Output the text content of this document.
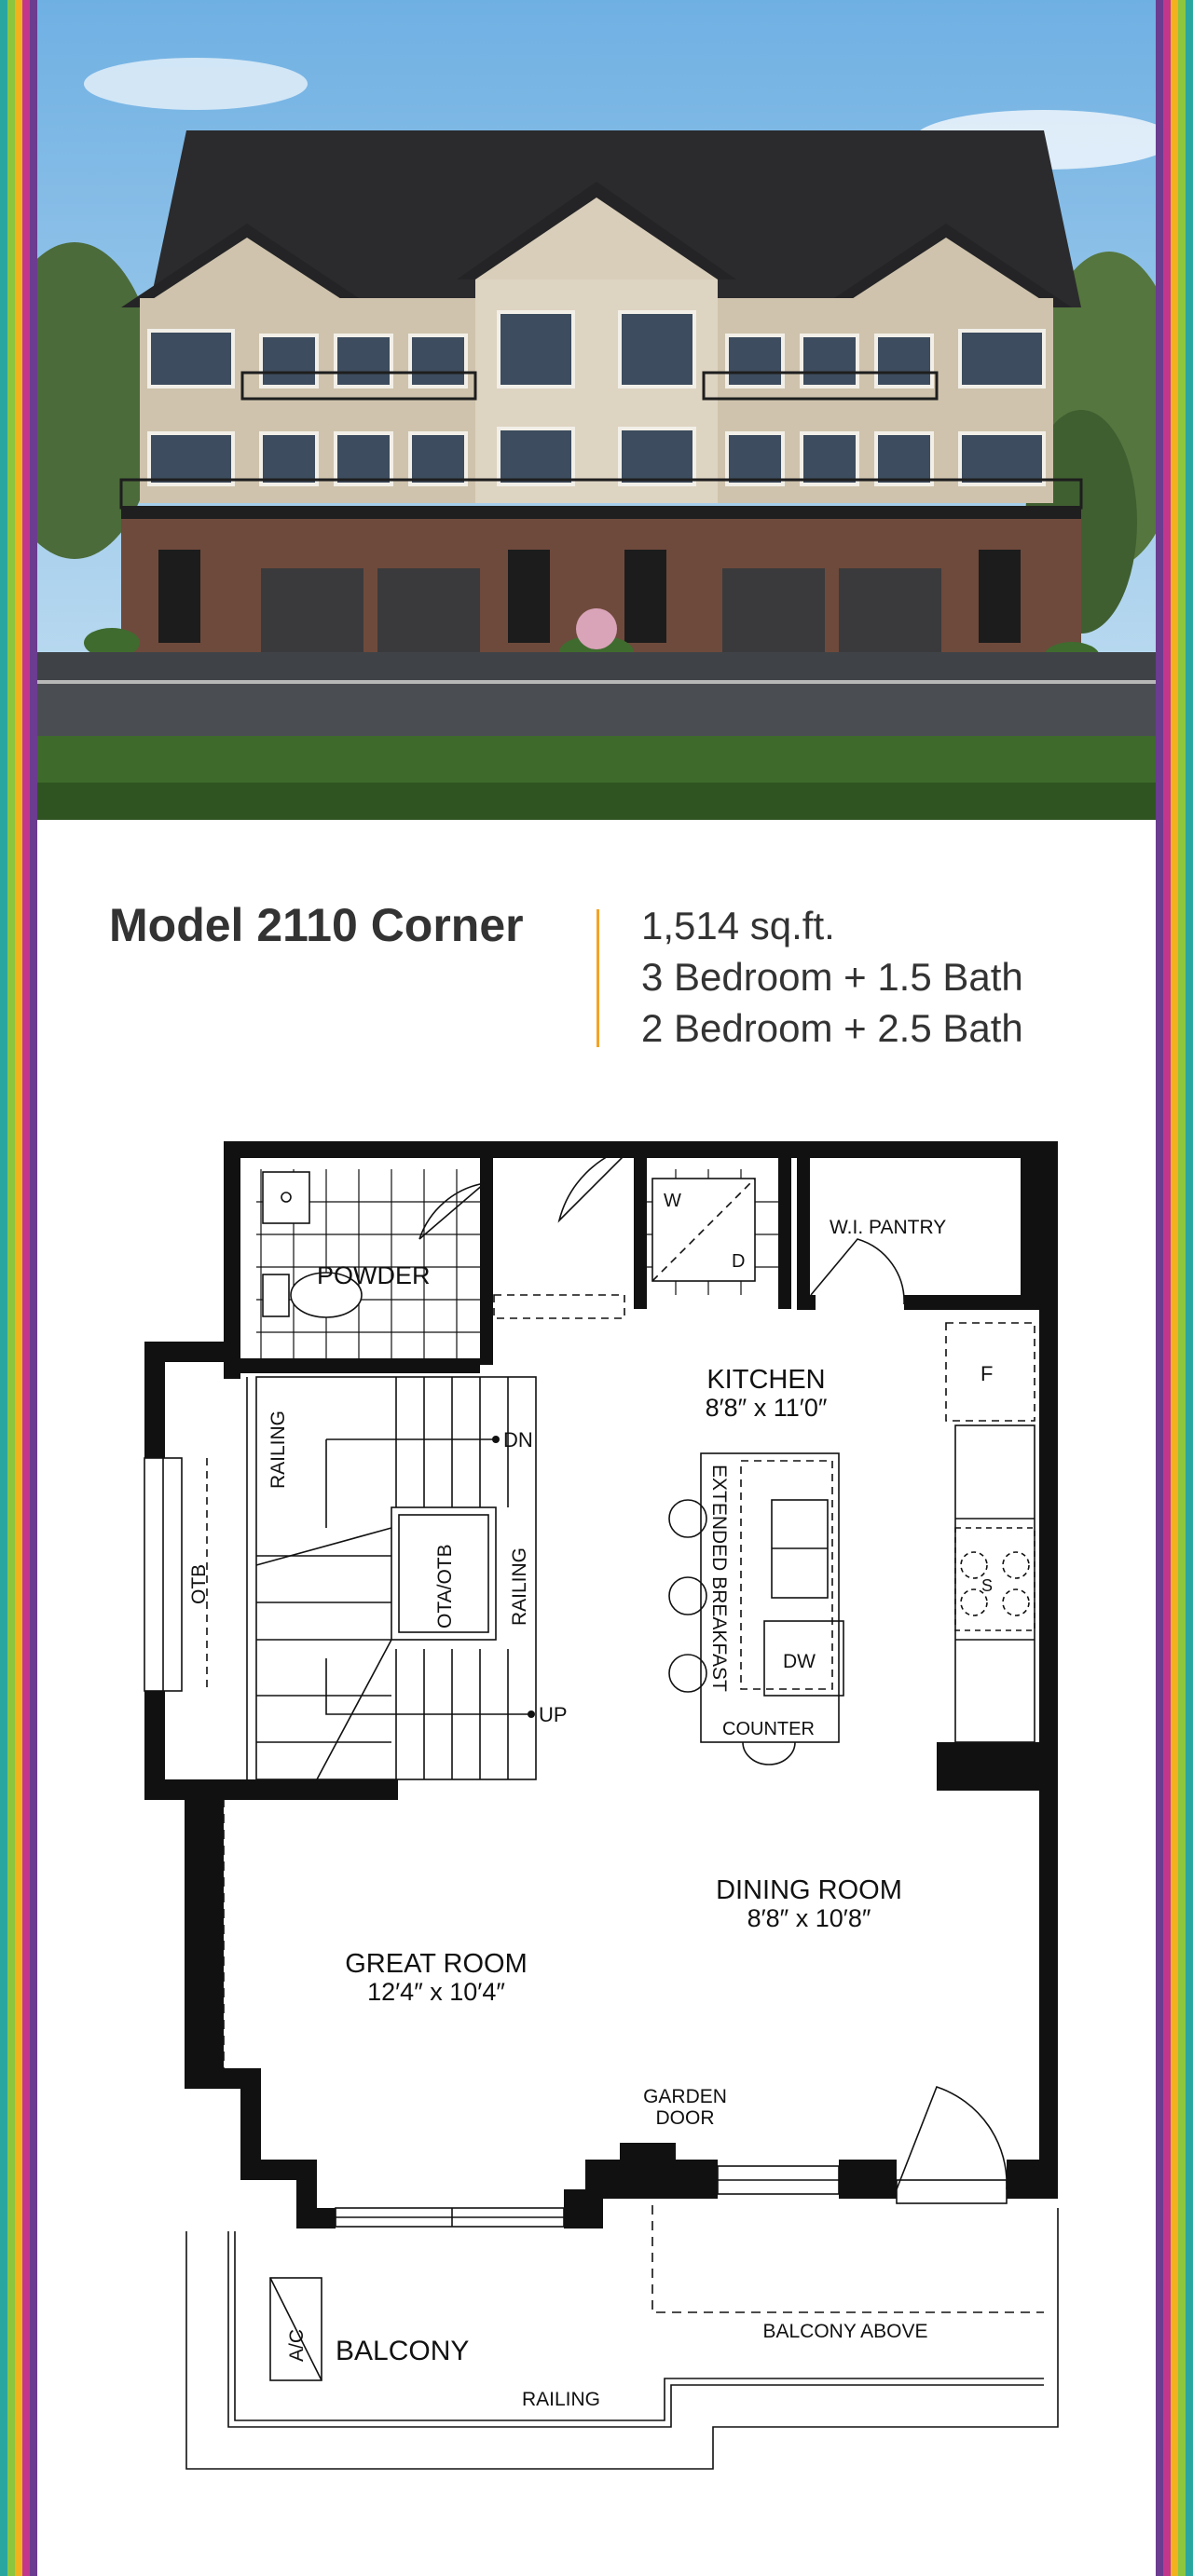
Model 2110 Corner	1,514 sq.ft.
3 Bedroom + 1.5 Bath
2 Bedroom + 2.5 Bath
POWDER
W
D
W.I. PANTRY
KITCHEN
8′8″ x 11′0″
F
S
DW
EXTENDED BREAKFAST
COUNTER
DINING ROOM
8′8″ x 10′8″
GREAT ROOM
12′4″ x 10′4″
GARDEN
DOOR
BALCONY
BALCONY ABOVE
A/C
RAILING
RAILING
RAILING
OTA/OTB
OTB
DN
UP
